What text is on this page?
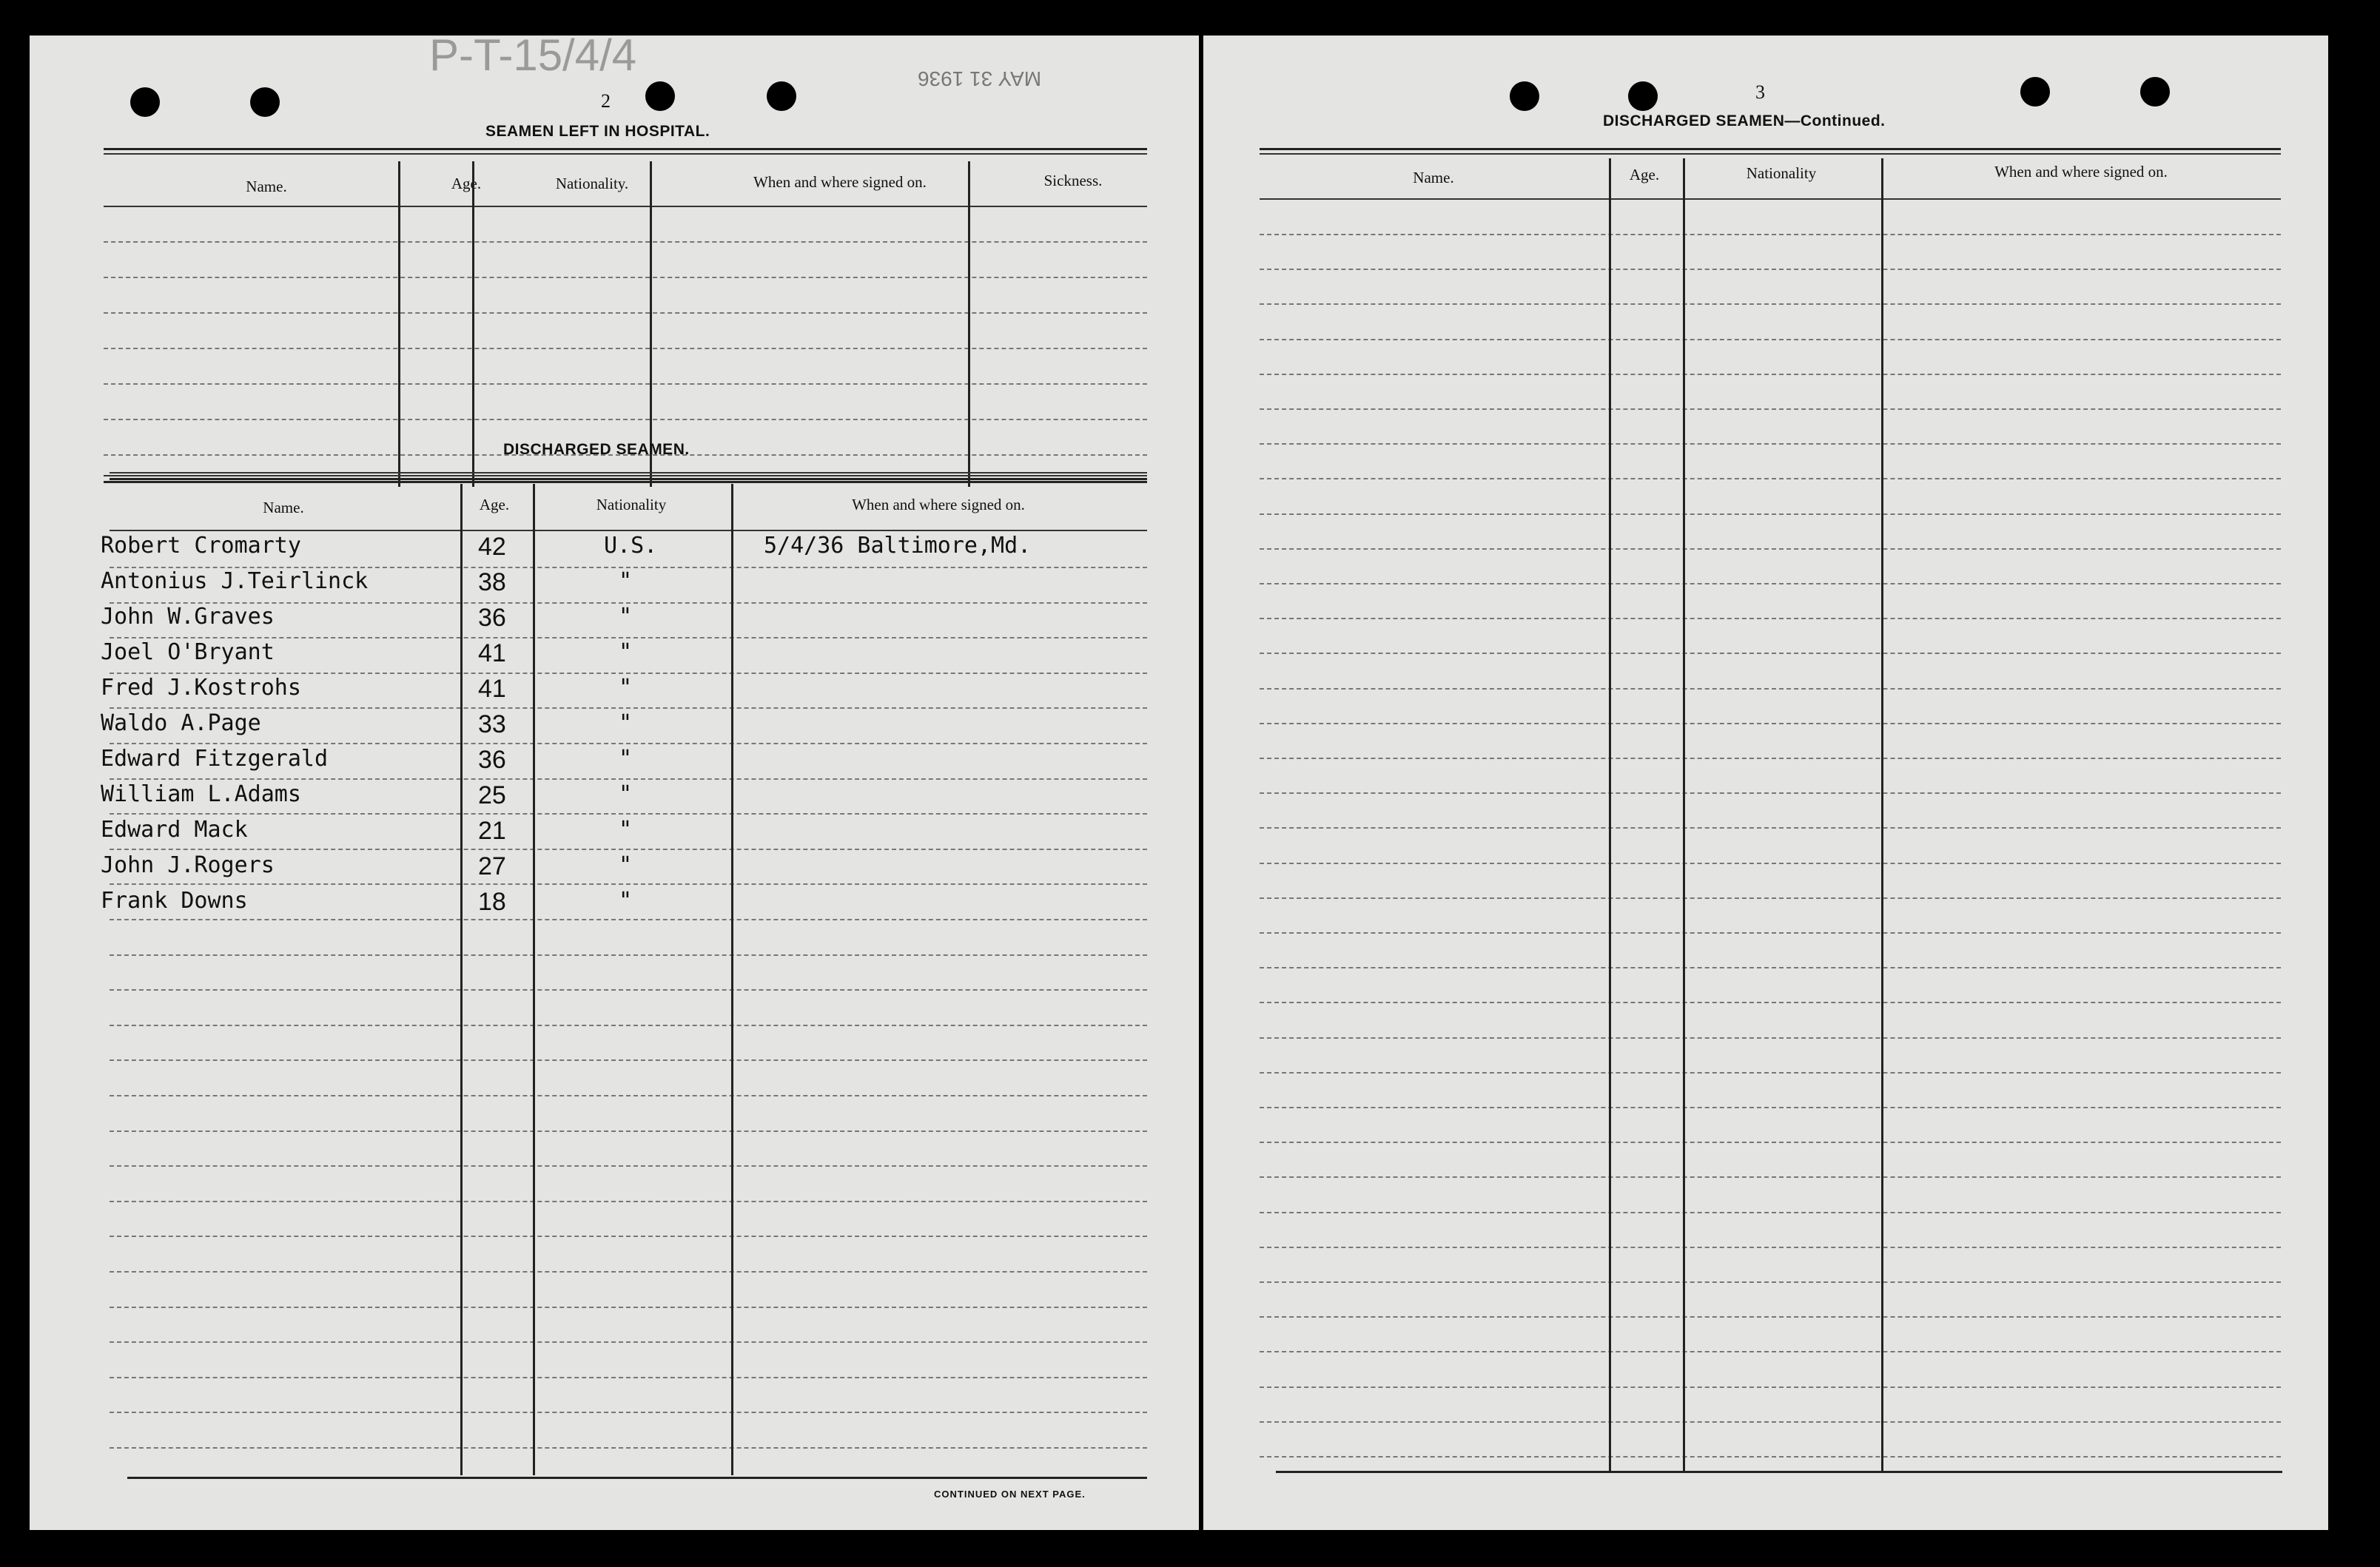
P-T-15/4/4	MAY 31 1936
2
SEAMEN LEFT IN HOSPITAL.
Name.	Age.	Nationality.	When and where signed on.	Sickness.
DISCHARGED SEAMEN.
Name.	Age.	Nationality	When and where signed on.
Robert Cromarty	42	U.S.	5/4/36 Baltimore,Md.
Antonius J.Teirlinck	38	"
John W.Graves	36	"
Joel O'Bryant	41	"
Fred J.Kostrohs	41	"
Waldo A.Page	33	"
Edward Fitzgerald	36	"
William L.Adams	25	"
Edward Mack	21	"
John J.Rogers	27	"
Frank Downs	18	"
CONTINUED ON NEXT PAGE.
3
DISCHARGED SEAMEN—Continued.
Name.	Age.	Nationality	When and where signed on.
